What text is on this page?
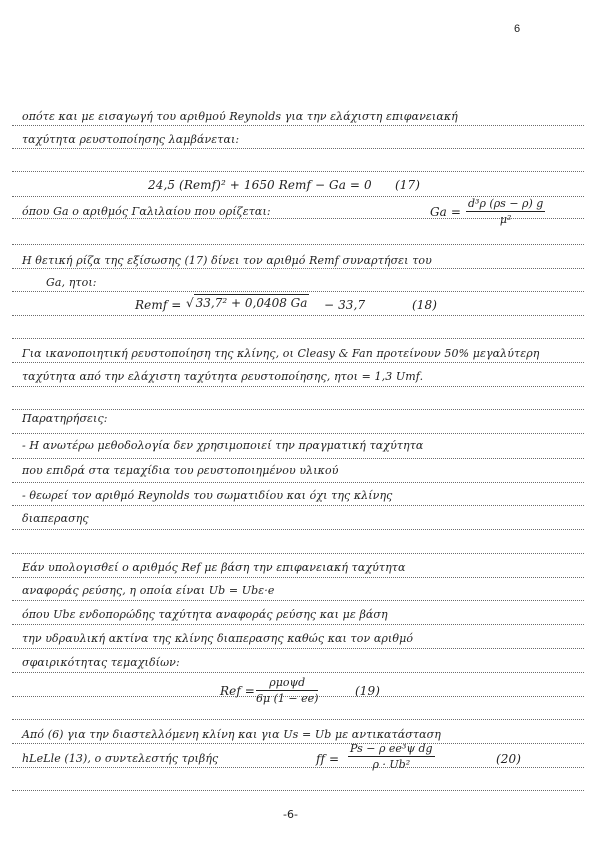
6
οπότε και με εισαγωγή του αριθμού Reynolds για την ελάχιστη επιφανειακή
ταχύτητα ρευστοποίησης λαμβάνεται:
24,5 (Remf)² + 1650 Remf − Ga = 0 (17)
όπου Ga ο αριθμός Γαλιλαίου που ορίζεται:	$Ga = \frac{\text{d³ρ (ρs − ρ) g}}{\text{μ²}}$
Η θετική ρίζα της εξίσωσης (17) δίνει τον αριθμό Remf συναρτήσει του
Ga, ητοι:
Remf = √ 33,7² + 0,0408 Ga − 33,7	(18)
Για ικανοποιητική ρευστοποίηση της κλίνης, οι Cleasy & Fan προτείνουν 50% μεγαλύτερη
ταχύτητα από την ελάχιστη ταχύτητα ρευστοποίησης, ητοι = 1,3 Umf.
Παρατηρήσεις:
- Η ανωτέρω μεθοδολογία δεν χρησιμοποιεί την πραγματική ταχύτητα
που επιδρά στα τεμαχίδια του ρευστοποιημένου υλικού
- θεωρεί τον αριθμό Reynolds του σωματιδίου και όχι της κλίνης
διαπερασης
Εάν υπολογισθεί ο αριθμός Ref με βάση την επιφανειακή ταχύτητα
αναφοράς ρεύσης, η οποία είναι Ub = Ubε·e
όπου Ubε ενδοπορώδης ταχύτητα αναφοράς ρεύσης και με βάση
την υδραυλική ακτίνα της κλίνης διαπερασης καθώς και τον αριθμό
σφαιρικότητας τεμαχιδίων:
Ref =
ρμοψd
6μ (1 − ee)
(19)
Από (6) για την διαστελλόμενη κλίνη και για Us = Ub με αντικατάσταση
hLeLle (13), ο συντελεστής τριβής	ff = $\frac{\text{Ps − ρ ee³ψ dg}}{\text{ρ · Ub²}}$	(20)
-6-
